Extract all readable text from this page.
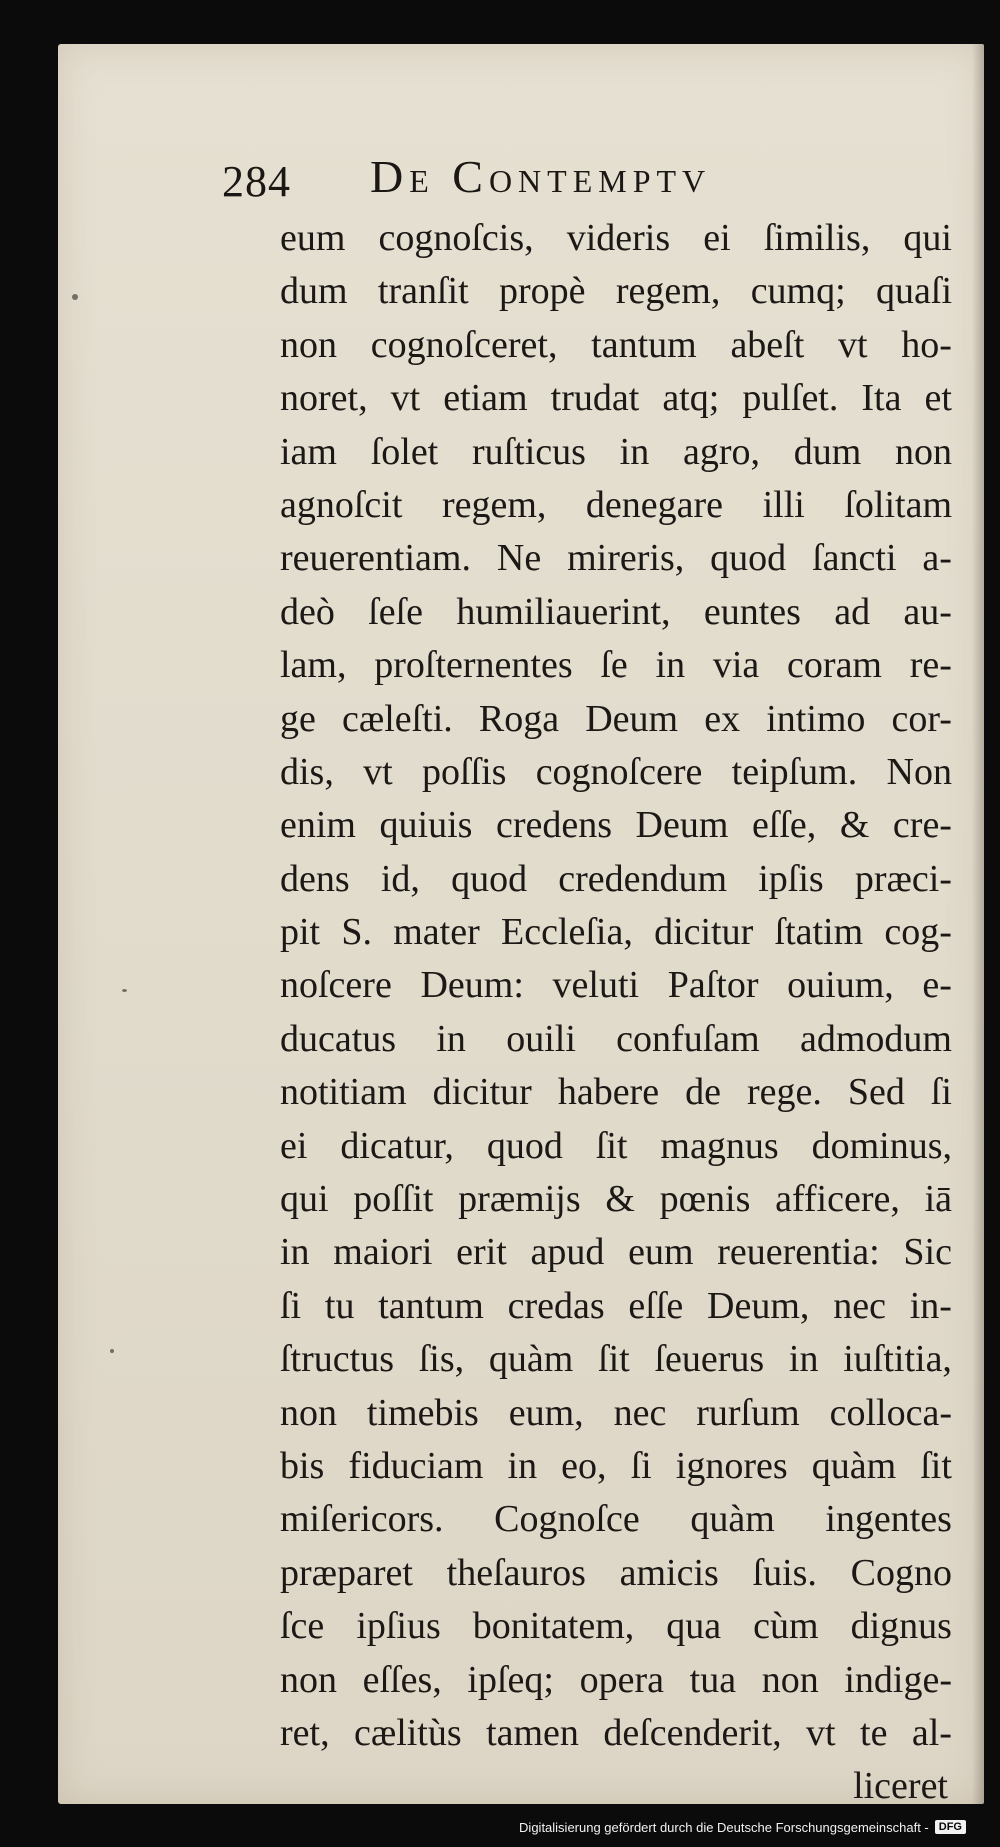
284 De Contemptv
eum cognoſcis, videris ei ſimilis, qui
dum tranſit propè regem, cumq; quaſi
non cognoſceret, tantum abeſt vt ho-
noret, vt etiam trudat atq; pulſet. Ita et
iam ſolet ruſticus in agro, dum non
agnoſcit regem, denegare illi ſolitam
reuerentiam. Ne mireris, quod ſancti a-
deò ſeſe humiliauerint, euntes ad au-
lam, proſternentes ſe in via coram re-
ge cæleſti. Roga Deum ex intimo cor-
dis, vt poſſis cognoſcere teipſum. Non
enim quiuis credens Deum eſſe, & cre-
dens id, quod credendum ipſis præci-
pit S. mater Eccleſia, dicitur ſtatim cog-
noſcere Deum: veluti Paſtor ouium, e-
ducatus in ouili confuſam admodum
notitiam dicitur habere de rege. Sed ſi
ei dicatur, quod ſit magnus dominus,
qui poſſit præmijs & pœnis afficere, iā
in maiori erit apud eum reuerentia: Sic
ſi tu tantum credas eſſe Deum, nec in-
ſtructus ſis, quàm ſit ſeuerus in iuſtitia,
non timebis eum, nec rurſum colloca-
bis fiduciam in eo, ſi ignores quàm ſit
miſericors. Cognoſce quàm ingentes
præparet theſauros amicis ſuis. Cogno
ſce ipſius bonitatem, qua cùm dignus
non eſſes, ipſeq; opera tua non indige-
ret, cælitùs tamen deſcenderit, vt te al-
liceret
Digitalisierung gefördert durch die Deutsche Forschungsgemeinschaft - DFG
